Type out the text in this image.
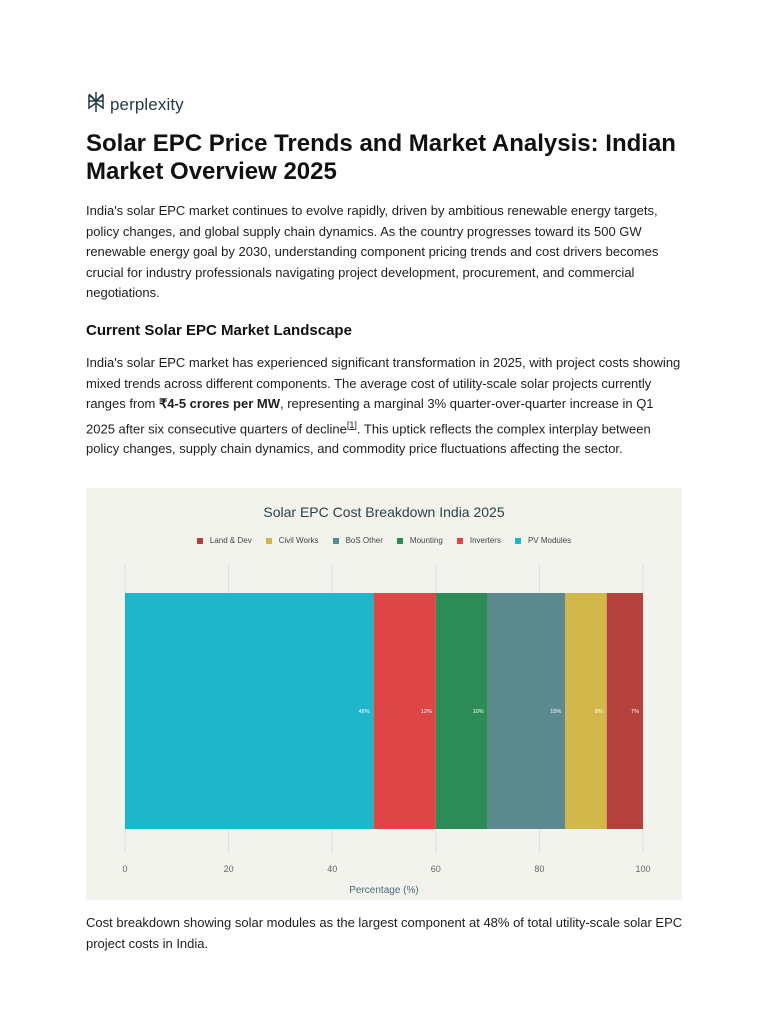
perplexity
Solar EPC Price Trends and Market Analysis: Indian Market Overview 2025

India's solar EPC market continues to evolve rapidly, driven by ambitious renewable energy targets, policy changes, and global supply chain dynamics. As the country progresses toward its 500 GW renewable energy goal by 2030, understanding component pricing trends and cost drivers becomes crucial for industry professionals navigating project development, procurement, and commercial negotiations.

Current Solar EPC Market Landscape

India's solar EPC market has experienced significant transformation in 2025, with project costs showing mixed trends across different components. The average cost of utility-scale solar projects currently ranges from ₹4-5 crores per MW, representing a marginal 3% quarter-over-quarter increase in Q1 2025 after six consecutive quarters of decline[1]. This uptick reflects the complex interplay between policy changes, supply chain dynamics, and commodity price fluctuations affecting the sector.

Solar EPC Cost Breakdown India 2025
Land & Dev	Civil Works	BoS Other	Mounting	Inverters	PV Modules
0	20	40	60	80	100
48%	12%	10%	15%	8%	7%
Percentage (%)

Cost breakdown showing solar modules as the largest component at 48% of total utility-scale solar EPC project costs in India.
